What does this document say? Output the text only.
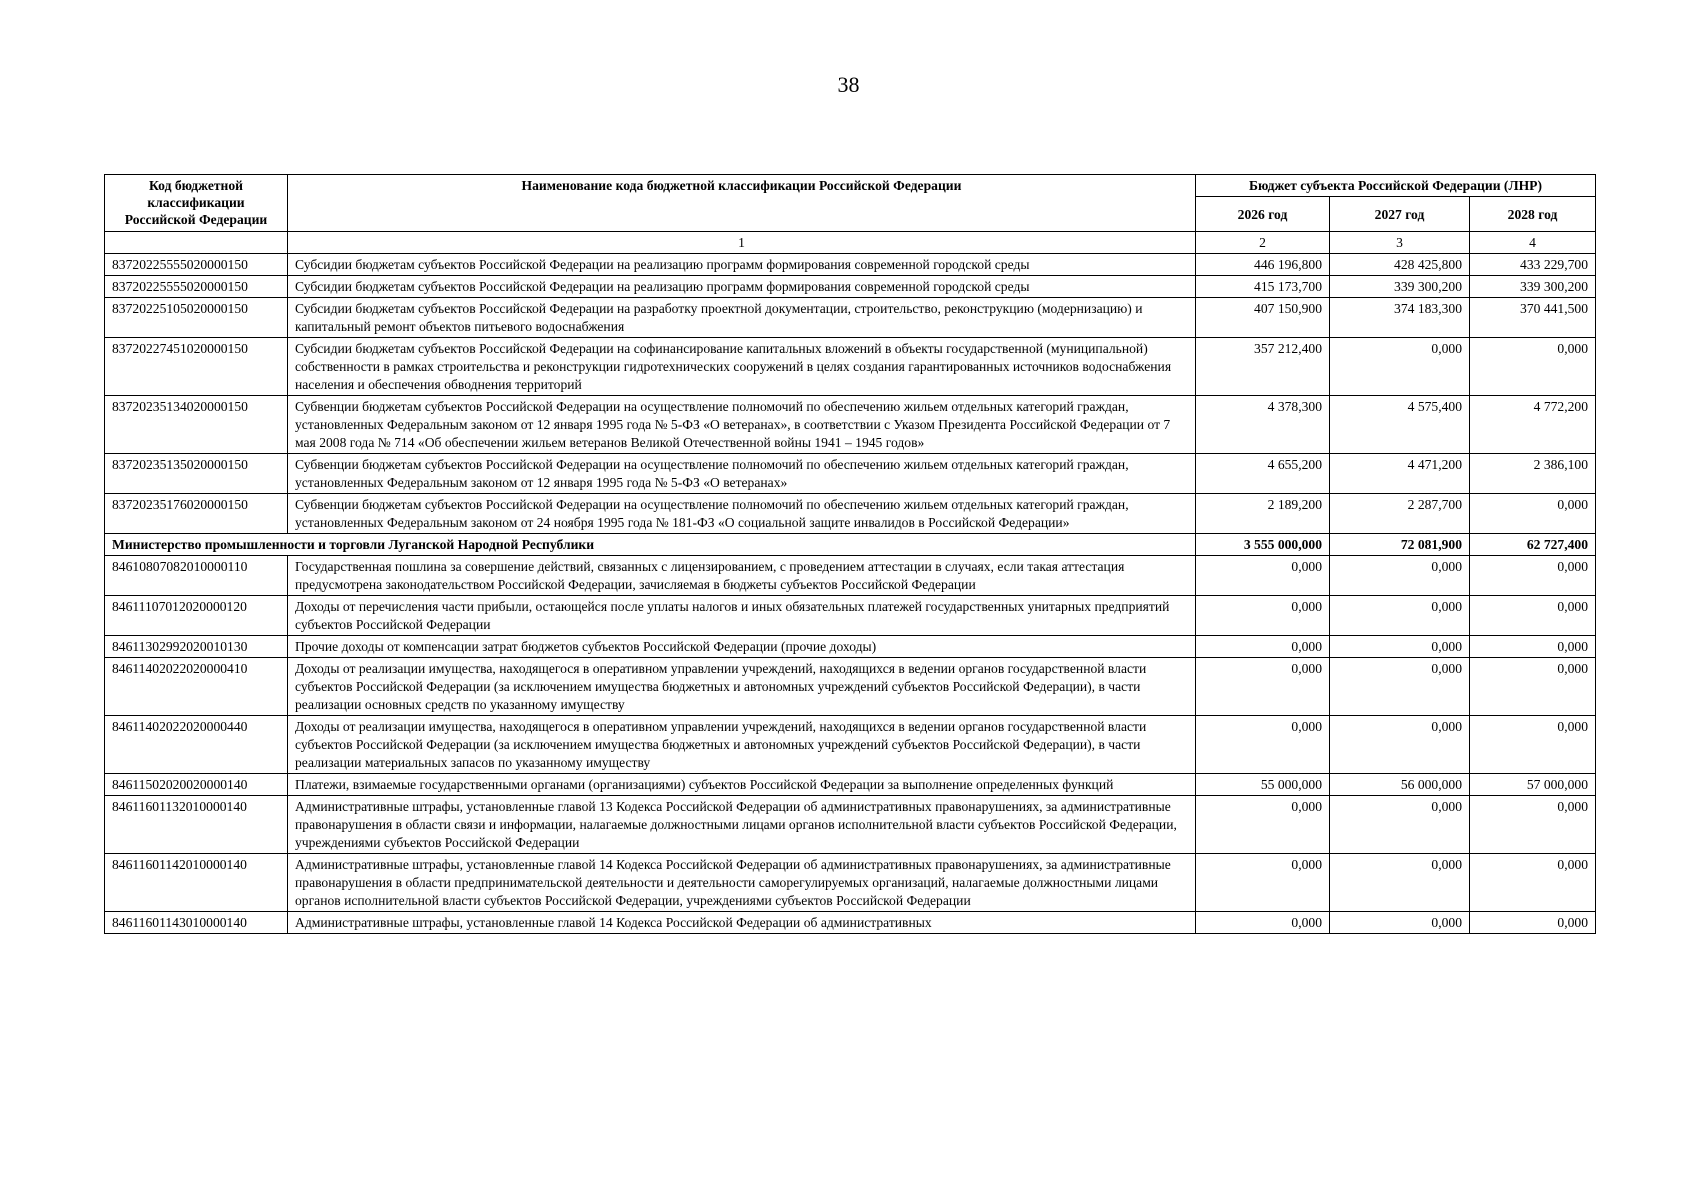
38
Код бюджетной классификации Российской Федерации	Наименование кода бюджетной классификации Российской Федерации	Бюджет субъекта Российской Федерации (ЛНР)		
		2026 год	2027 год	2028 год
	1	2	3	4
83720225555020000150	Субсидии бюджетам субъектов Российской Федерации на реализацию программ формирования современной городской среды	446 196,800	428 425,800	433 229,700
83720225555020000150	Субсидии бюджетам субъектов Российской Федерации на реализацию программ формирования современной городской среды	415 173,700	339 300,200	339 300,200
83720225105020000150	Субсидии бюджетам субъектов Российской Федерации на разработку проектной документации, строительство, реконструкцию (модернизацию) и капитальный ремонт объектов питьевого водоснабжения	407 150,900	374 183,300	370 441,500
83720227451020000150	Субсидии бюджетам субъектов Российской Федерации на софинансирование капитальных вложений в объекты государственной (муниципальной) собственности в рамках строительства и реконструкции гидротехнических сооружений в целях создания гарантированных источников водоснабжения населения и обеспечения обводнения территорий	357 212,400	0,000	0,000
83720235134020000150	Субвенции бюджетам субъектов Российской Федерации на осуществление полномочий по обеспечению жильем отдельных категорий граждан, установленных Федеральным законом от 12 января 1995 года № 5-ФЗ «О ветеранах», в соответствии с Указом Президента Российской Федерации от 7 мая 2008 года № 714 «Об обеспечении жильем ветеранов Великой Отечественной войны 1941 – 1945 годов»	4 378,300	4 575,400	4 772,200
83720235135020000150	Субвенции бюджетам субъектов Российской Федерации на осуществление полномочий по обеспечению жильем отдельных категорий граждан, установленных Федеральным законом от 12 января 1995 года № 5-ФЗ «О ветеранах»	4 655,200	4 471,200	2 386,100
83720235176020000150	Субвенции бюджетам субъектов Российской Федерации на осуществление полномочий по обеспечению жильем отдельных категорий граждан, установленных Федеральным законом от 24 ноября 1995 года № 181-ФЗ «О социальной защите инвалидов в Российской Федерации»	2 189,200	2 287,700	0,000
Министерство промышленности и торговли Луганской Народной Республики		3 555 000,000	72 081,900	62 727,400
84610807082010000110	Государственная пошлина за совершение действий, связанных с лицензированием, с проведением аттестации в случаях, если такая аттестация предусмотрена законодательством Российской Федерации, зачисляемая в бюджеты субъектов Российской Федерации	0,000	0,000	0,000
84611107012020000120	Доходы от перечисления части прибыли, остающейся после уплаты налогов и иных обязательных платежей государственных унитарных предприятий субъектов Российской Федерации	0,000	0,000	0,000
84611302992020010130	Прочие доходы от компенсации затрат бюджетов субъектов Российской Федерации (прочие доходы)	0,000	0,000	0,000
84611402022020000410	Доходы от реализации имущества, находящегося в оперативном управлении учреждений, находящихся в ведении органов государственной власти субъектов Российской Федерации (за исключением имущества бюджетных и автономных учреждений субъектов Российской Федерации), в части реализации основных средств по указанному имуществу	0,000	0,000	0,000
84611402022020000440	Доходы от реализации имущества, находящегося в оперативном управлении учреждений, находящихся в ведении органов государственной власти субъектов Российской Федерации (за исключением имущества бюджетных и автономных учреждений субъектов Российской Федерации), в части реализации материальных запасов по указанному имуществу	0,000	0,000	0,000
84611502020020000140	Платежи, взимаемые государственными органами (организациями) субъектов Российской Федерации за выполнение определенных функций	55 000,000	56 000,000	57 000,000
84611601132010000140	Административные штрафы, установленные главой 13 Кодекса Российской Федерации об административных правонарушениях, за административные правонарушения в области связи и информации, налагаемые должностными лицами органов исполнительной власти субъектов Российской Федерации, учреждениями субъектов Российской Федерации	0,000	0,000	0,000
84611601142010000140	Административные штрафы, установленные главой 14 Кодекса Российской Федерации об административных правонарушениях, за административные правонарушения в области предпринимательской деятельности и деятельности саморегулируемых организаций, налагаемые должностными лицами органов исполнительной власти субъектов Российской Федерации, учреждениями субъектов Российской Федерации	0,000	0,000	0,000
84611601143010000140	Административные штрафы, установленные главой 14 Кодекса Российской Федерации об административных	0,000	0,000	0,000
